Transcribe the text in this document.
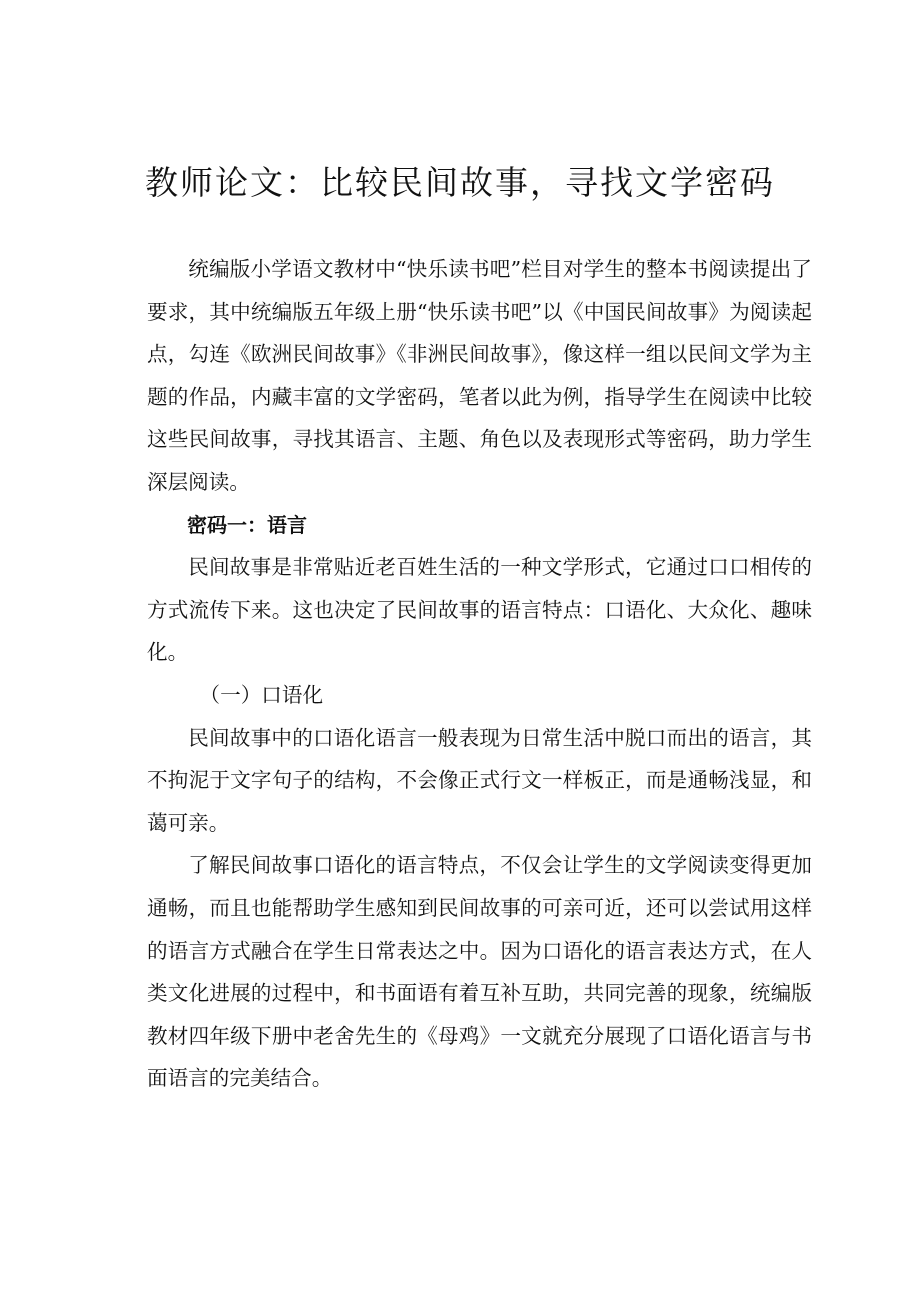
教师论文：比较民间故事，寻找文学密码

统编版小学语文教材中“快乐读书吧”栏目对学生的整本书阅读提出了要求，其中统编版五年级上册“快乐读书吧”以《中国民间故事》为阅读起点，勾连《欧洲民间故事》《非洲民间故事》，像这样一组以民间文学为主题的作品，内藏丰富的文学密码，笔者以此为例，指导学生在阅读中比较这些民间故事，寻找其语言、主题、角色以及表现形式等密码，助力学生深层阅读。

密码一：语言

民间故事是非常贴近老百姓生活的一种文学形式，它通过口口相传的方式流传下来。这也决定了民间故事的语言特点：口语化、大众化、趣味化。

（一）口语化

民间故事中的口语化语言一般表现为日常生活中脱口而出的语言，其不拘泥于文字句子的结构，不会像正式行文一样板正，而是通畅浅显，和蔼可亲。

了解民间故事口语化的语言特点，不仅会让学生的文学阅读变得更加通畅，而且也能帮助学生感知到民间故事的可亲可近，还可以尝试用这样的语言方式融合在学生日常表达之中。因为口语化的语言表达方式，在人类文化进展的过程中，和书面语有着互补互助，共同完善的现象，统编版教材四年级下册中老舍先生的《母鸡》一文就充分展现了口语化语言与书面语言的完美结合。
